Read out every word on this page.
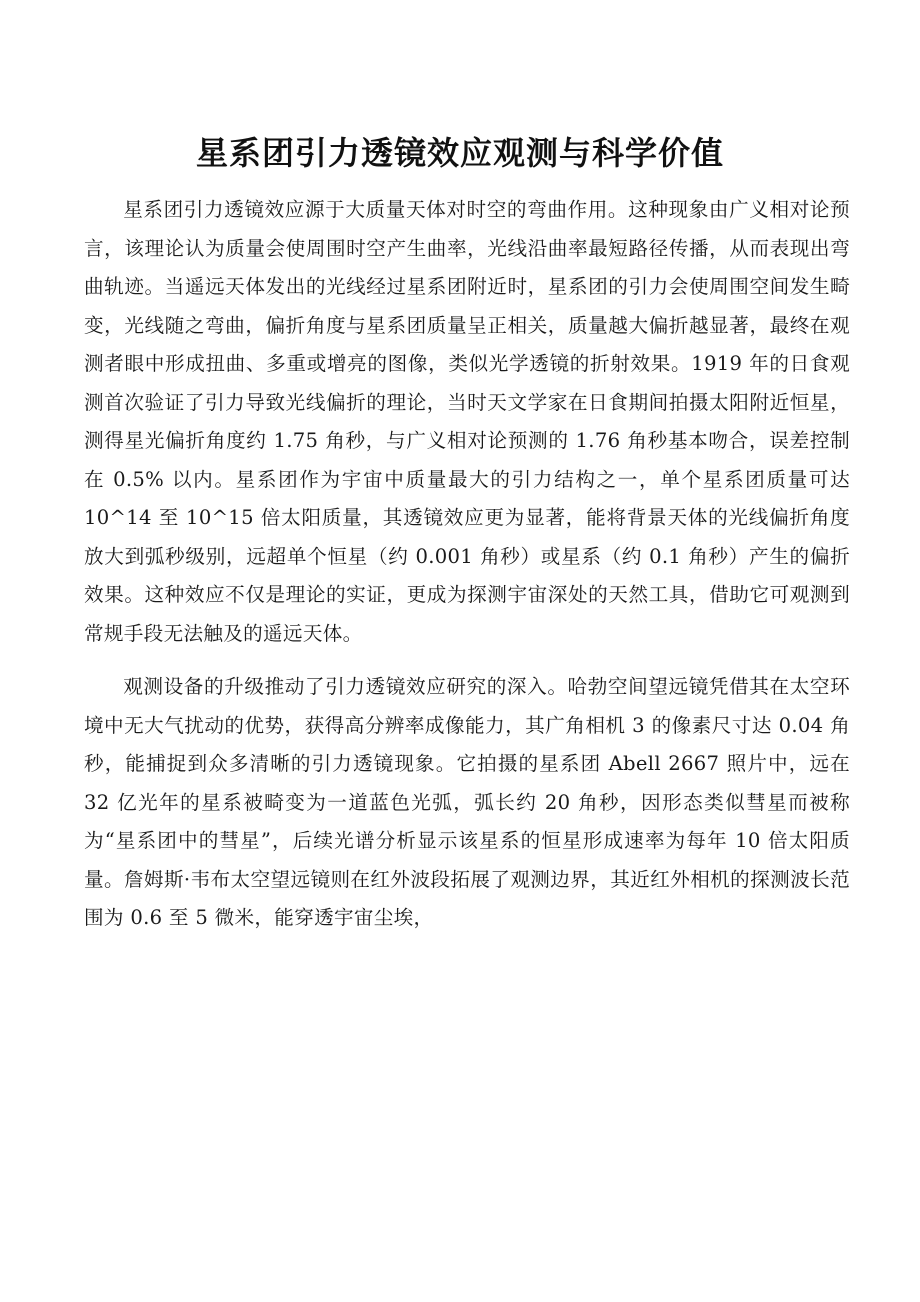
星系团引力透镜效应观测与科学价值

星系团引力透镜效应源于大质量天体对时空的弯曲作用。这种现象由广义相对论预言，该理论认为质量会使周围时空产生曲率，光线沿曲率最短路径传播，从而表现出弯曲轨迹。当遥远天体发出的光线经过星系团附近时，星系团的引力会使周围空间发生畸变，光线随之弯曲，偏折角度与星系团质量呈正相关，质量越大偏折越显著，最终在观测者眼中形成扭曲、多重或增亮的图像，类似光学透镜的折射效果。1919 年的日食观测首次验证了引力导致光线偏折的理论，当时天文学家在日食期间拍摄太阳附近恒星，测得星光偏折角度约 1.75 角秒，与广义相对论预测的 1.76 角秒基本吻合，误差控制在 0.5% 以内。星系团作为宇宙中质量最大的引力结构之一，单个星系团质量可达 10^14 至 10^15 倍太阳质量，其透镜效应更为显著，能将背景天体的光线偏折角度放大到弧秒级别，远超单个恒星（约 0.001 角秒）或星系（约 0.1 角秒）产生的偏折效果。这种效应不仅是理论的实证，更成为探测宇宙深处的天然工具，借助它可观测到常规手段无法触及的遥远天体。

观测设备的升级推动了引力透镜效应研究的深入。哈勃空间望远镜凭借其在太空环境中无大气扰动的优势，获得高分辨率成像能力，其广角相机 3 的像素尺寸达 0.04 角秒，能捕捉到众多清晰的引力透镜现象。它拍摄的星系团 Abell 2667 照片中，远在 32 亿光年的星系被畸变为一道蓝色光弧，弧长约 20 角秒，因形态类似彗星而被称为“星系团中的彗星”，后续光谱分析显示该星系的恒星形成速率为每年 10 倍太阳质量。詹姆斯·韦布太空望远镜则在红外波段拓展了观测边界，其近红外相机的探测波长范围为 0.6 至 5 微米，能穿透宇宙尘埃，
